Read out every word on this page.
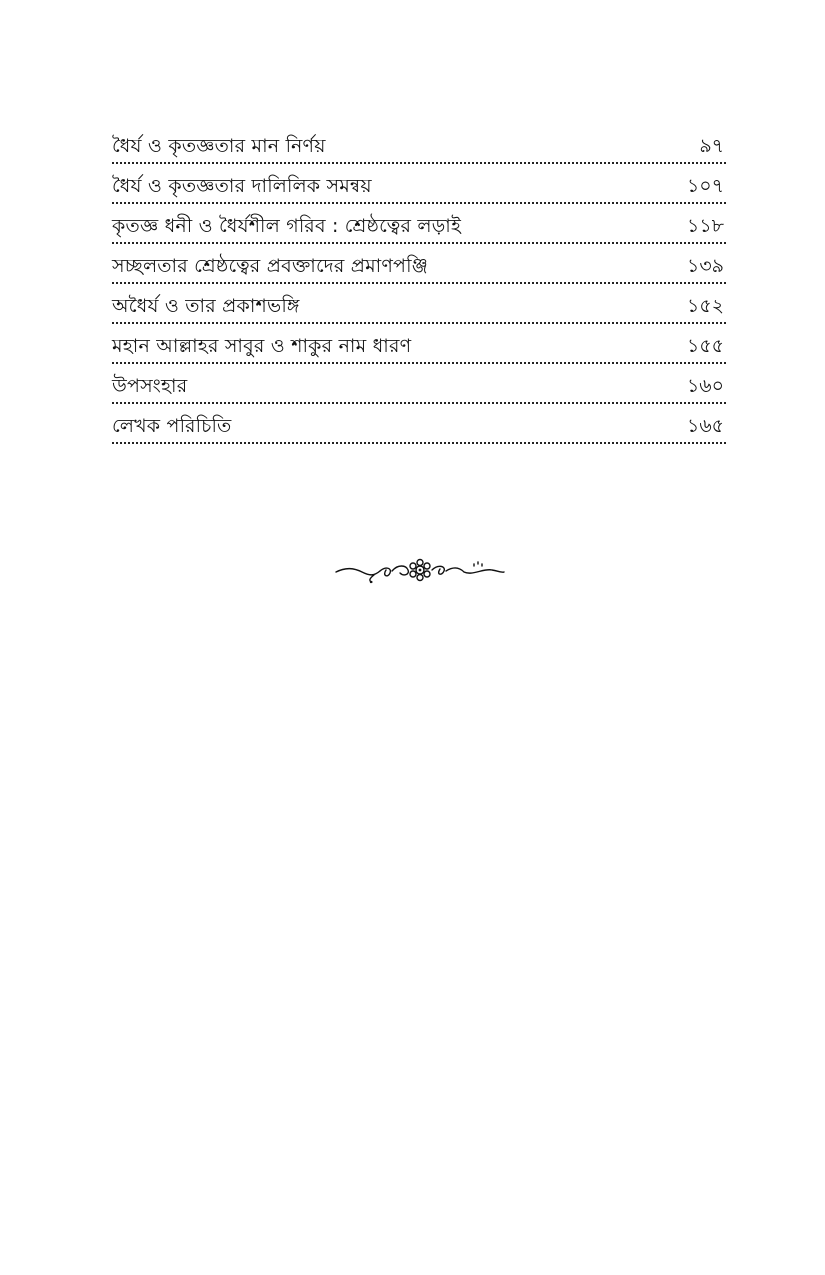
ধৈর্য ও কৃতজ্ঞতার মান নির্ণয়	৯৭
ধৈর্য ও কৃতজ্ঞতার দালিলিক সমন্বয়	১০৭
কৃতজ্ঞ ধনী ও ধৈর্যশীল গরিব : শ্রেষ্ঠত্বের লড়াই	১১৮
সচ্ছলতার শ্রেষ্ঠত্বের প্রবক্তাদের প্রমাণপঞ্জি	১৩৯
অধৈর্য ও তার প্রকাশভঙ্গি	১৫২
মহান আল্লাহর সাবুর ও শাকুর নাম ধারণ	১৫৫
উপসংহার	১৬০
লেখক পরিচিতি	১৬৫
